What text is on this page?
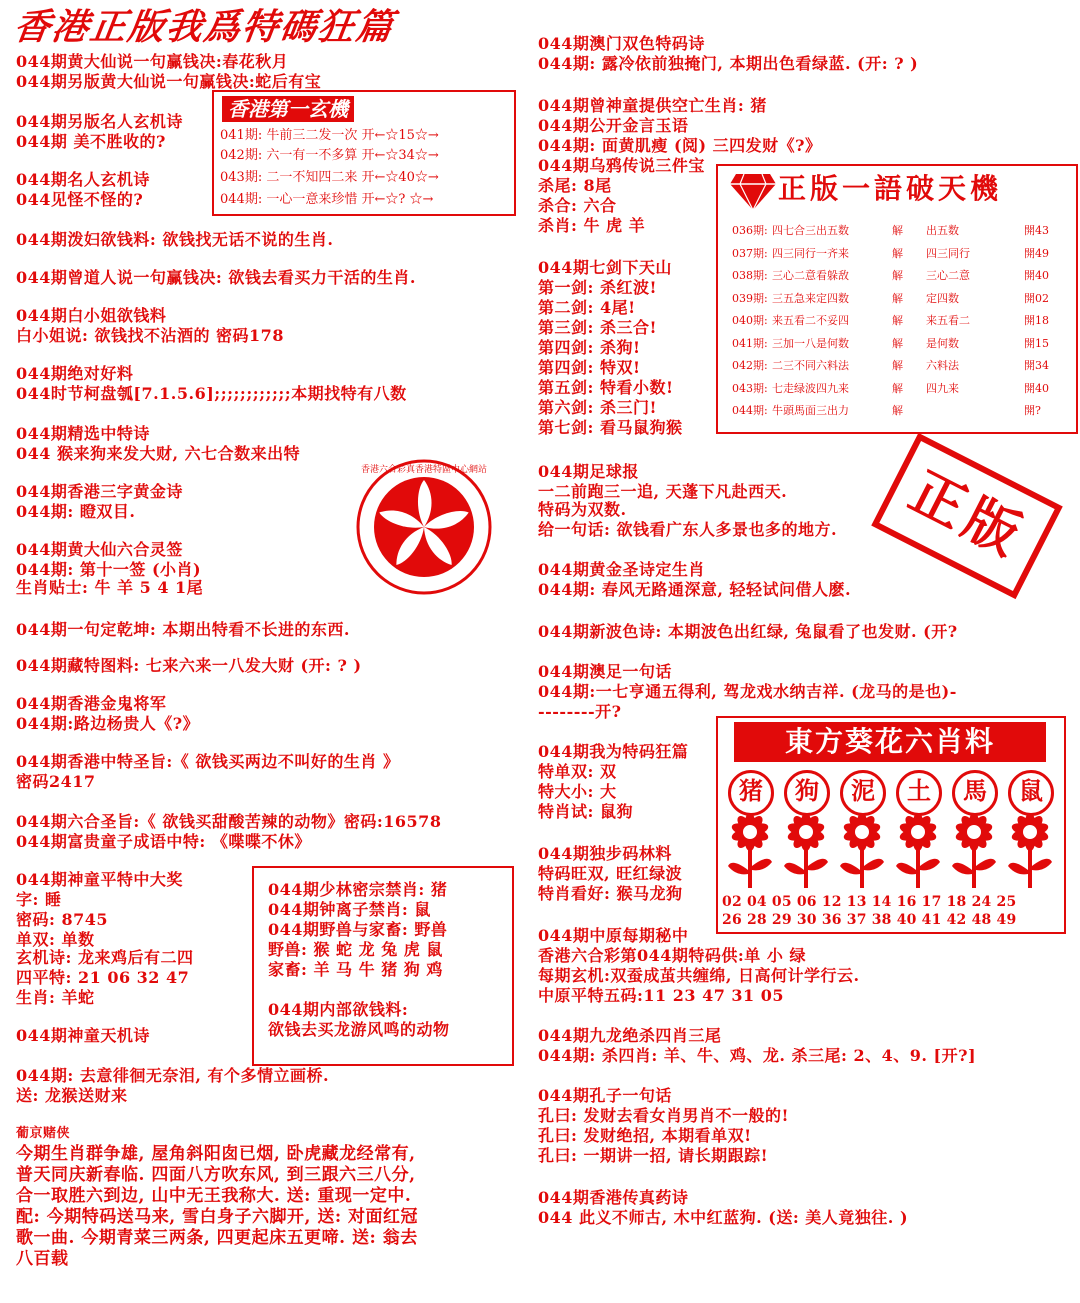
香港正版我爲特碼狂篇
044期黄大仙说一句赢钱决:春花秋月
044期另版黄大仙说一句赢钱决:蛇后有宝
044期另版名人玄机诗
044期 美不胜收的?
044期名人玄机诗
044见怪不怪的?
044期泼妇欲钱料: 欲钱找无话不说的生肖.
044期曾道人说一句赢钱决: 欲钱去看买力干活的生肖.
044期白小姐欲钱料
白小姐说: 欲钱找不沾酒的 密码178
044期绝对好料
044时节柯盘瓠[7.1.5.6];;;;;;;;;;;;本期找特有八数
044期精选中特诗
044 猴来狗来发大财, 六七合数来出特
044期香港三字黄金诗
044期: 瞪双目.
044期黄大仙六合灵签
044期: 第十一签 (小肖)
生肖贴士: 牛 羊 5 4 1尾
044期一句定乾坤: 本期出特看不长进的东西.
044期藏特图料: 七来六来一八发大财 (开: ? )
044期香港金鬼将军
044期:路边杨贵人《?》
044期香港中特圣旨:《 欲钱买两边不叫好的生肖 》
密码2417
044期六合圣旨:《 欲钱买甜酸苦辣的动物》密码:16578
044期富贵童子成语中特: 《喋喋不休》
044期神童平特中大奖
字: 睡
密码: 8745
单双: 单数
玄机诗: 龙来鸡后有二四
四平特: 21 06 32 47
生肖: 羊蛇
044期神童天机诗
044期: 去意徘徊无奈泪, 有个多情立画桥.
送: 龙猴送财来
044期澳门双色特码诗
044期: 露冷依前独掩门, 本期出色看绿蓝. (开: ? )
044期曾神童提供空亡生肖: 猪
044期公开金言玉语
044期: 面黄肌瘦 (阅) 三四发财《?》
044期乌鸦传说三件宝
杀尾: 8尾
杀合: 六合
杀肖: 牛 虎 羊
044期七剑下天山
第一剑: 杀红波!
第二剑: 4尾!
第三剑: 杀三合!
第四剑: 杀狗!
第四剑: 特双!
第五剑: 特看小数!
第六剑: 杀三门!
第七剑: 看马鼠狗猴
044期足球报
一二前跑三一追, 天蓬下凡赴西天.
特码为双数.
给一句话: 欲钱看广东人多景也多的地方.
044期黄金圣诗定生肖
044期: 春风无路通深意, 轻轻试问借人麽.
044期新波色诗: 本期波色出红绿, 兔鼠看了也发财. (开?
044期澳足一句话
044期:一七亨通五得利, 驾龙戏水纳吉祥. (龙马的是也)-
--------开?
044期我为特码狂篇
特单双: 双
特大小: 大
特肖试: 鼠狗
044期独步码林料
特码旺双, 旺红绿波
特肖看好: 猴马龙狗
044期中原每期秘中
香港六合彩第044期特码供:单 小 绿
每期玄机:双蚕成茧共缠绵, 日高何计学行云.
中原平特五码:11 23 47 31 05
044期九龙绝杀四肖三尾
044期: 杀四肖: 羊、牛、鸡、龙. 杀三尾: 2、4、9. [开?]
044期孔子一句话
孔曰: 发财去看女肖男肖不一般的!
孔曰: 发财绝招, 本期看单双!
孔曰: 一期讲一招, 请长期跟踪!
044期香港传真药诗
044 此义不师古, 木中红蓝狗. (送: 美人竟独往. )
香港第一玄機
041期: 牛前三二发一次 开←☆15☆→
042期: 六一有一不多算 开←☆34☆→
043期: 二一不知四二来 开←☆40☆→
044期: 一心一意来珍惜 开←☆? ☆→
香港六合彩真香港特區中心網站
044期少林密宗禁肖: 猪
044期钟离子禁肖: 鼠
044期野兽与家畜: 野兽
野兽: 猴 蛇 龙 兔 虎 鼠
家畜: 羊 马 牛 猪 狗 鸡
044期内部欲钱料:
欲钱去买龙游风鸣的动物
葡京赌侠
今期生肖群争雄, 屋角斜阳囱已烟, 卧虎藏龙经常有,
普天同庆新春临. 四面八方吹东风, 到三跟六三八分,
合一取胜六到边, 山中无王我称大. 送: 重现一定中.
配: 今期特码送马来, 雪白身子六脚开, 送: 对面红冠
歌一曲. 今期青菜三两条, 四更起床五更啼. 送: 翁去
八百载
正版一語破天機
036期: 四七合三出五数	解 出五数	開43
037期: 四三同行一齐来	解 四三同行	開49
038期: 三心二意看躲敌	解 三心二意	開40
039期: 三五急来定四数	解 定四数	開02
040期: 来五看二不妥四	解 来五看二	開18
041期: 三加一八是何数	解 是何数	開15
042期: 二三不同六料法	解 六料法	開34
043期: 七走绿波四九来	解 四九来	開40
044期: 牛頭馬面三出力	解	開?
正版
東方葵花六肖料
猪	狗	泥	土	馬	鼠
02 04 05 06 12 13 14 16 17 18 24 25
26 28 29 30 36 37 38 40 41 42 48 49
